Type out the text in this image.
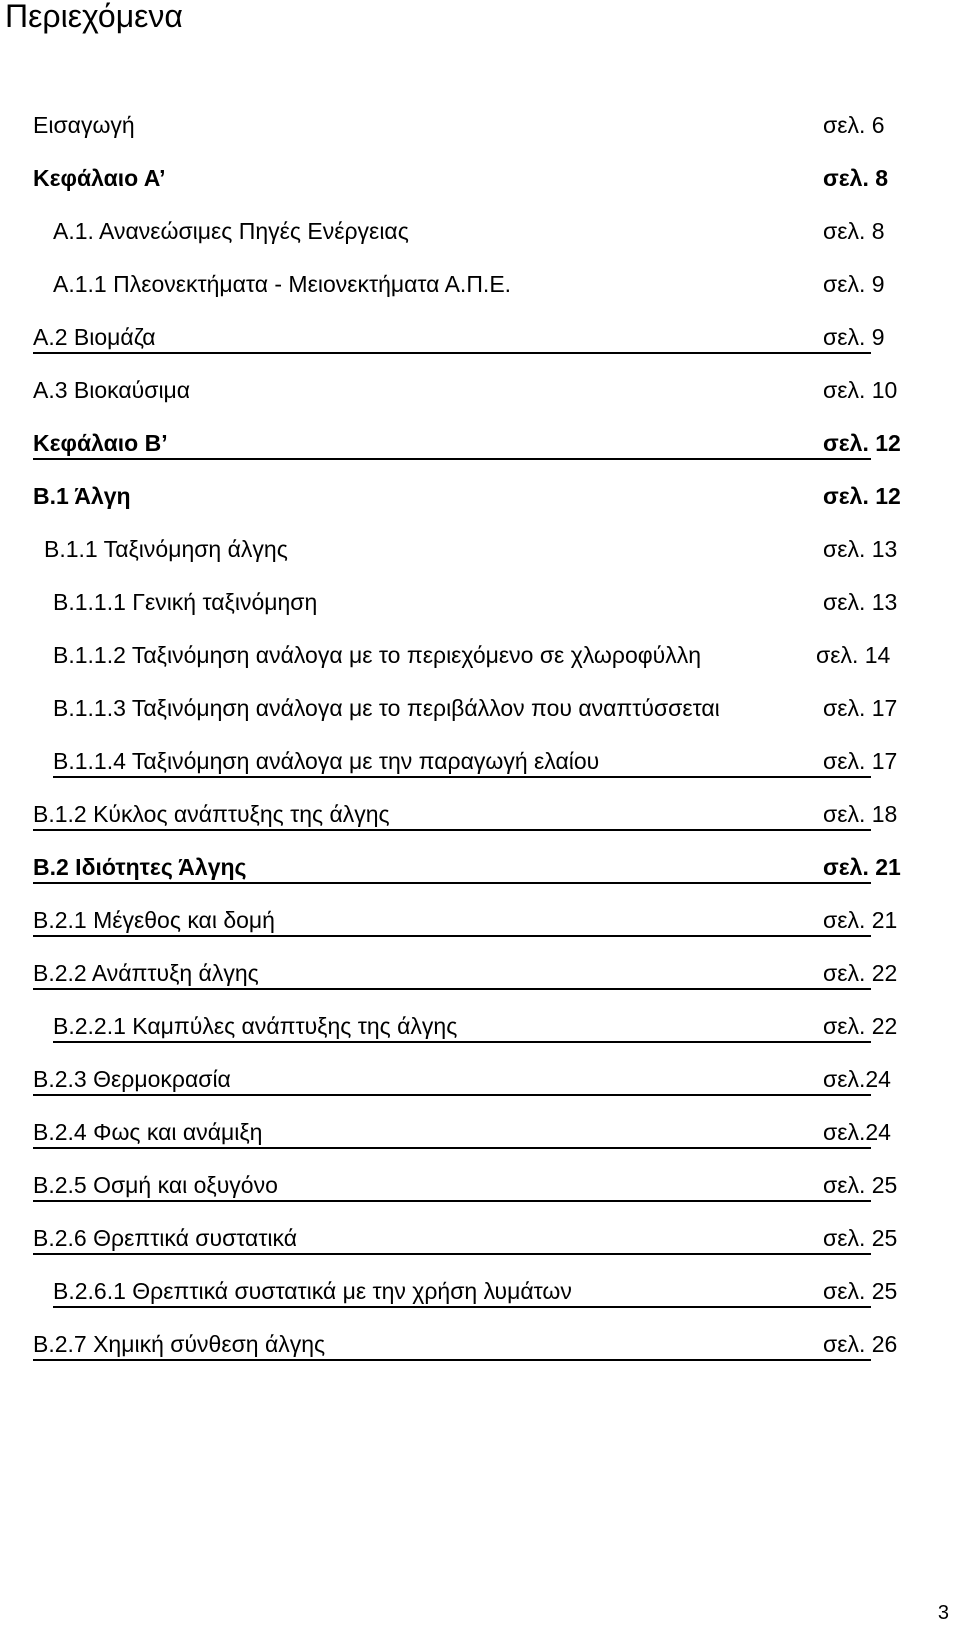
Περιεχόμενα
Εισαγωγή	σελ. 6
Κεφάλαιο Α’	σελ. 8
Α.1. Ανανεώσιμες Πηγές Ενέργειας	σελ. 8
Α.1.1 Πλεονεκτήματα - Μειονεκτήματα Α.Π.Ε.	σελ. 9
Α.2 Βιομάζα	σελ. 9
Α.3 Βιοκαύσιμα	σελ. 10
Κεφάλαιο Β’	σελ. 12
Β.1 Άλγη	σελ. 12
Β.1.1 Ταξινόμηση άλγης	σελ. 13
Β.1.1.1 Γενική ταξινόμηση	σελ. 13
Β.1.1.2 Ταξινόμηση ανάλογα με το περιεχόμενο σε χλωροφύλλη	σελ. 14
Β.1.1.3 Ταξινόμηση ανάλογα με το περιβάλλον που αναπτύσσεται	σελ. 17
Β.1.1.4 Ταξινόμηση ανάλογα με την παραγωγή ελαίου	σελ. 17
Β.1.2 Κύκλος ανάπτυξης της άλγης	σελ. 18
Β.2 Ιδιότητες Άλγης	σελ. 21
Β.2.1 Μέγεθος και δομή	σελ. 21
Β.2.2 Ανάπτυξη άλγης	σελ. 22
Β.2.2.1 Καμπύλες ανάπτυξης της άλγης	σελ. 22
Β.2.3 Θερμοκρασία	σελ.24
Β.2.4 Φως και ανάμιξη	σελ.24
Β.2.5 Οσμή και οξυγόνο	σελ. 25
Β.2.6 Θρεπτικά συστατικά	σελ. 25
Β.2.6.1 Θρεπτικά συστατικά με την χρήση λυμάτων	σελ. 25
Β.2.7 Χημική σύνθεση άλγης	σελ. 26
3
